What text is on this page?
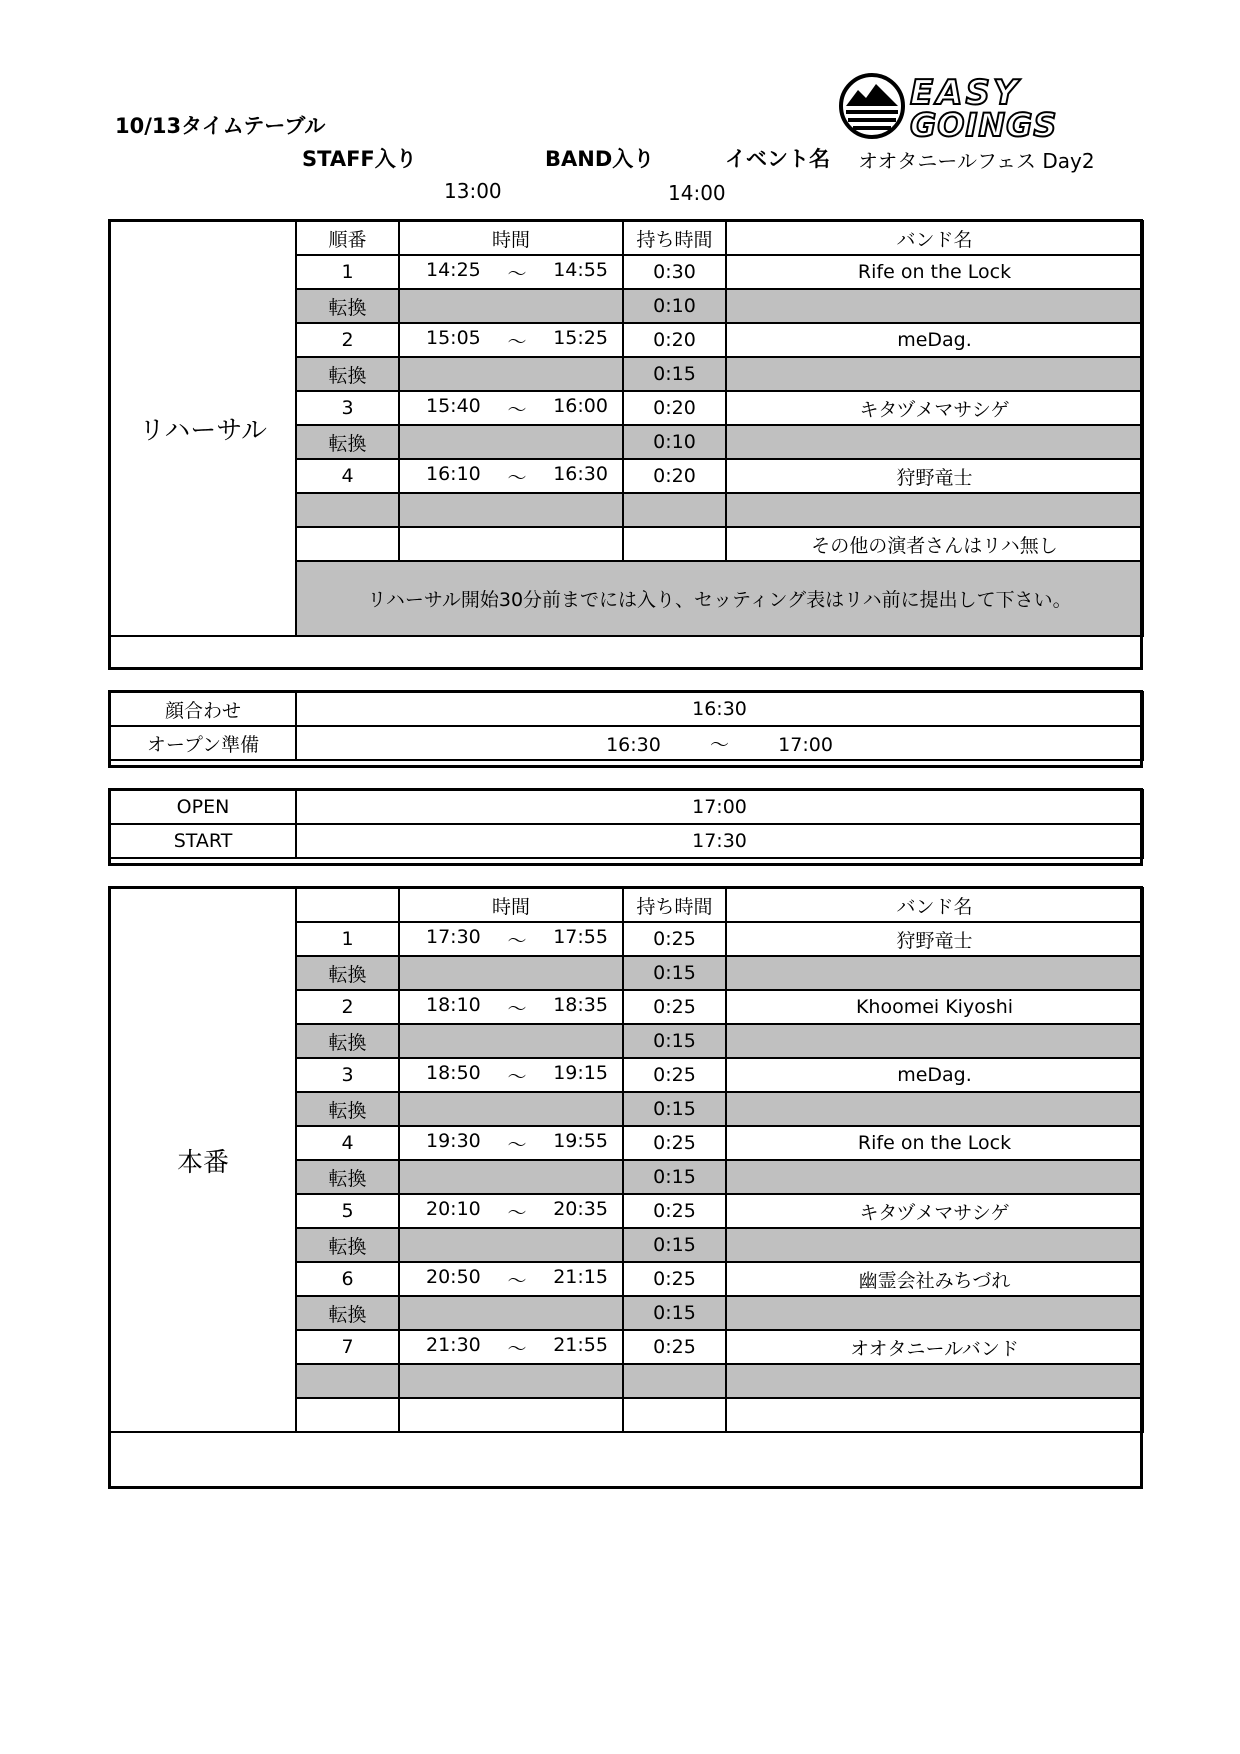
10/13タイムテーブル
STAFF入り	BAND入り	イベント名 オオタニールフェス Day2
13:00	14:00
EASY
GOINGS
リハーサル	順番	時間	持ち時間	バンド名
	1	14:25 ～ 14:55	0:30	Rife on the Lock
	転換		0:10	
	2	15:05 ～ 15:25	0:20	meDag.
	転換		0:15	
	3	15:40 ～ 16:00	0:20	キタヅメマサシゲ
	転換		0:10	
	4	16:10 ～ 16:30	0:20	狩野竜士

				その他の演者さんはリハ無し
	リハーサル開始30分前までには入り、セッティング表はリハ前に提出して下さい。			
顔合わせ	16:30
オープン準備	16:30 ～ 17:00
OPEN	17:00
START	17:30
本番		時間	持ち時間	バンド名
	1	17:30 ～ 17:55	0:25	狩野竜士
	転換		0:15	
	2	18:10 ～ 18:35	0:25	Khoomei Kiyoshi
	転換		0:15	
	3	18:50 ～ 19:15	0:25	meDag.
	転換		0:15	
	4	19:30 ～ 19:55	0:25	Rife on the Lock
	転換		0:15	
	5	20:10 ～ 20:35	0:25	キタヅメマサシゲ
	転換		0:15	
	6	20:50 ～ 21:15	0:25	幽霊会社みちづれ
	転換		0:15	
	7	21:30 ～ 21:55	0:25	オオタニールバンド
